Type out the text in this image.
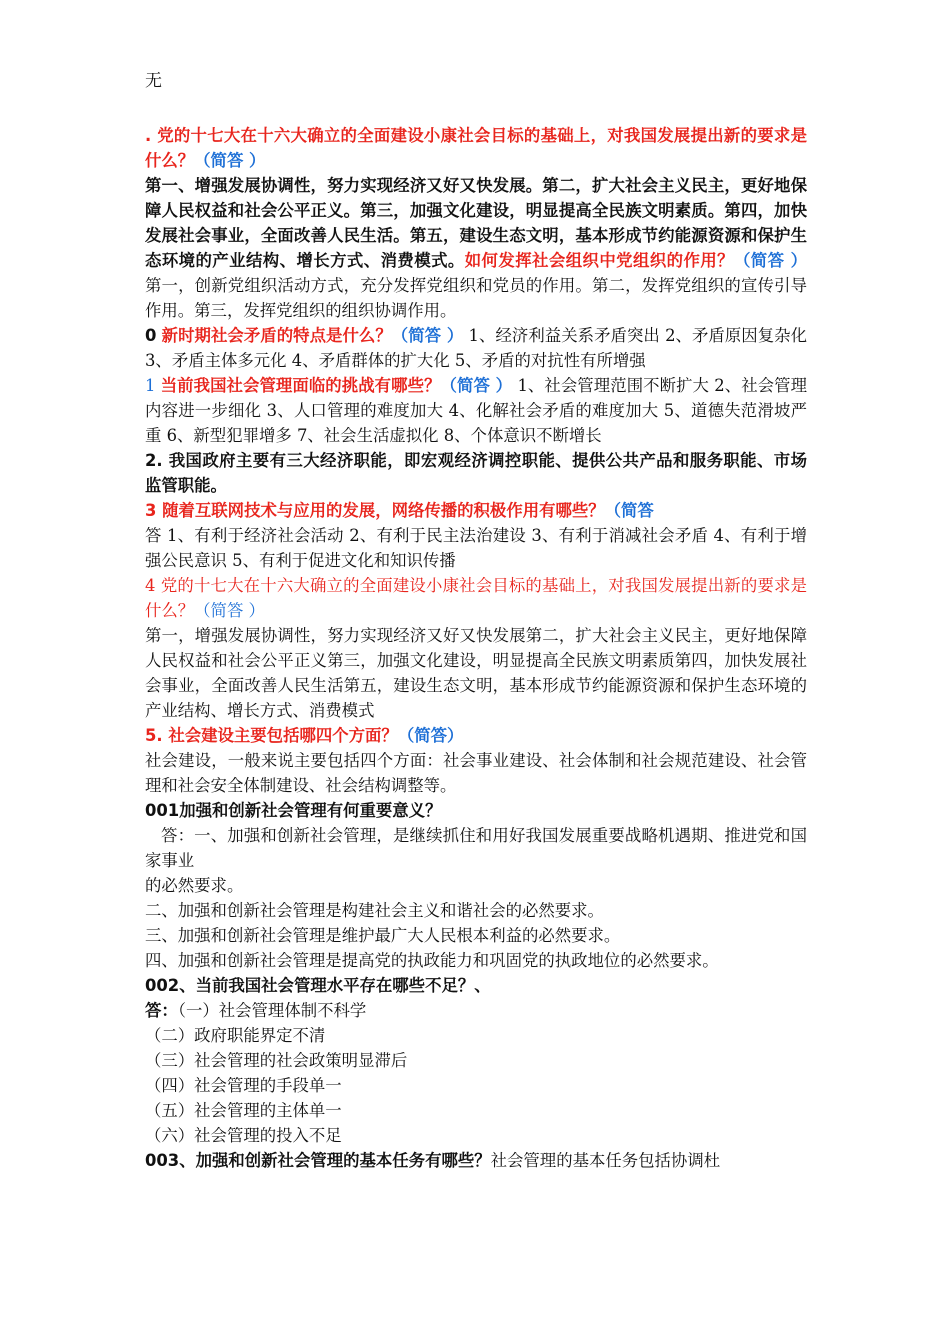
无

. 党的十七大在十六大确立的全面建设小康社会目标的基础上，对我国发展提出新的要求是什么？（简答 ）

第一、增强发展协调性，努力实现经济又好又快发展。第二，扩大社会主义民主，更好地保障人民权益和社会公平正义。第三，加强文化建设，明显提高全民族文明素质。第四，加快发展社会事业，全面改善人民生活。第五，建设生态文明，基本形成节约能源资源和保护生态环境的产业结构、增长方式、消费模式。如何发挥社会组织中党组织的作用？（简答 ） 第一，创新党组织活动方式，充分发挥党组织和党员的作用。第二，发挥党组织的宣传引导作用。第三，发挥党组织的组织协调作用。

0 新时期社会矛盾的特点是什么？（简答 ） 1、经济利益关系矛盾突出 2、矛盾原因复杂化 3、矛盾主体多元化 4、矛盾群体的扩大化 5、矛盾的对抗性有所增强

1 当前我国社会管理面临的挑战有哪些？（简答 ） 1、社会管理范围不断扩大 2、社会管理内容进一步细化 3、人口管理的难度加大 4、化解社会矛盾的难度加大 5、道德失范滑坡严重 6、新型犯罪增多 7、社会生活虚拟化 8、个体意识不断增长

2. 我国政府主要有三大经济职能，即宏观经济调控职能、提供公共产品和服务职能、市场监管职能。

3 随着互联网技术与应用的发展，网络传播的积极作用有哪些？（简答

答 1、有利于经济社会活动 2、有利于民主法治建设 3、有利于消减社会矛盾 4、有利于增强公民意识 5、有利于促进文化和知识传播

4 党的十七大在十六大确立的全面建设小康社会目标的基础上，对我国发展提出新的要求是什么？（简答 ）

第一，增强发展协调性，努力实现经济又好又快发展第二，扩大社会主义民主，更好地保障人民权益和社会公平正义第三，加强文化建设，明显提高全民族文明素质第四，加快发展社会事业，全面改善人民生活第五，建设生态文明，基本形成节约能源资源和保护生态环境的产业结构、增长方式、消费模式

5. 社会建设主要包括哪四个方面？（简答）

社会建设，一般来说主要包括四个方面：社会事业建设、社会体制和社会规范建设、社会管理和社会安全体制建设、社会结构调整等。

001加强和创新社会管理有何重要意义？

答：一、加强和创新社会管理，是继续抓住和用好我国发展重要战略机遇期、推进党和国家事业

的必然要求。

二、加强和创新社会管理是构建社会主义和谐社会的必然要求。

三、加强和创新社会管理是维护最广大人民根本利益的必然要求。

四、加强和创新社会管理是提高党的执政能力和巩固党的执政地位的必然要求。

002、当前我国社会管理水平存在哪些不足？、

答：（一）社会管理体制不科学

（二）政府职能界定不清

（三）社会管理的社会政策明显滞后

（四）社会管理的手段单一

（五）社会管理的主体单一

（六）社会管理的投入不足

003、加强和创新社会管理的基本任务有哪些？社会管理的基本任务包括协调杜
